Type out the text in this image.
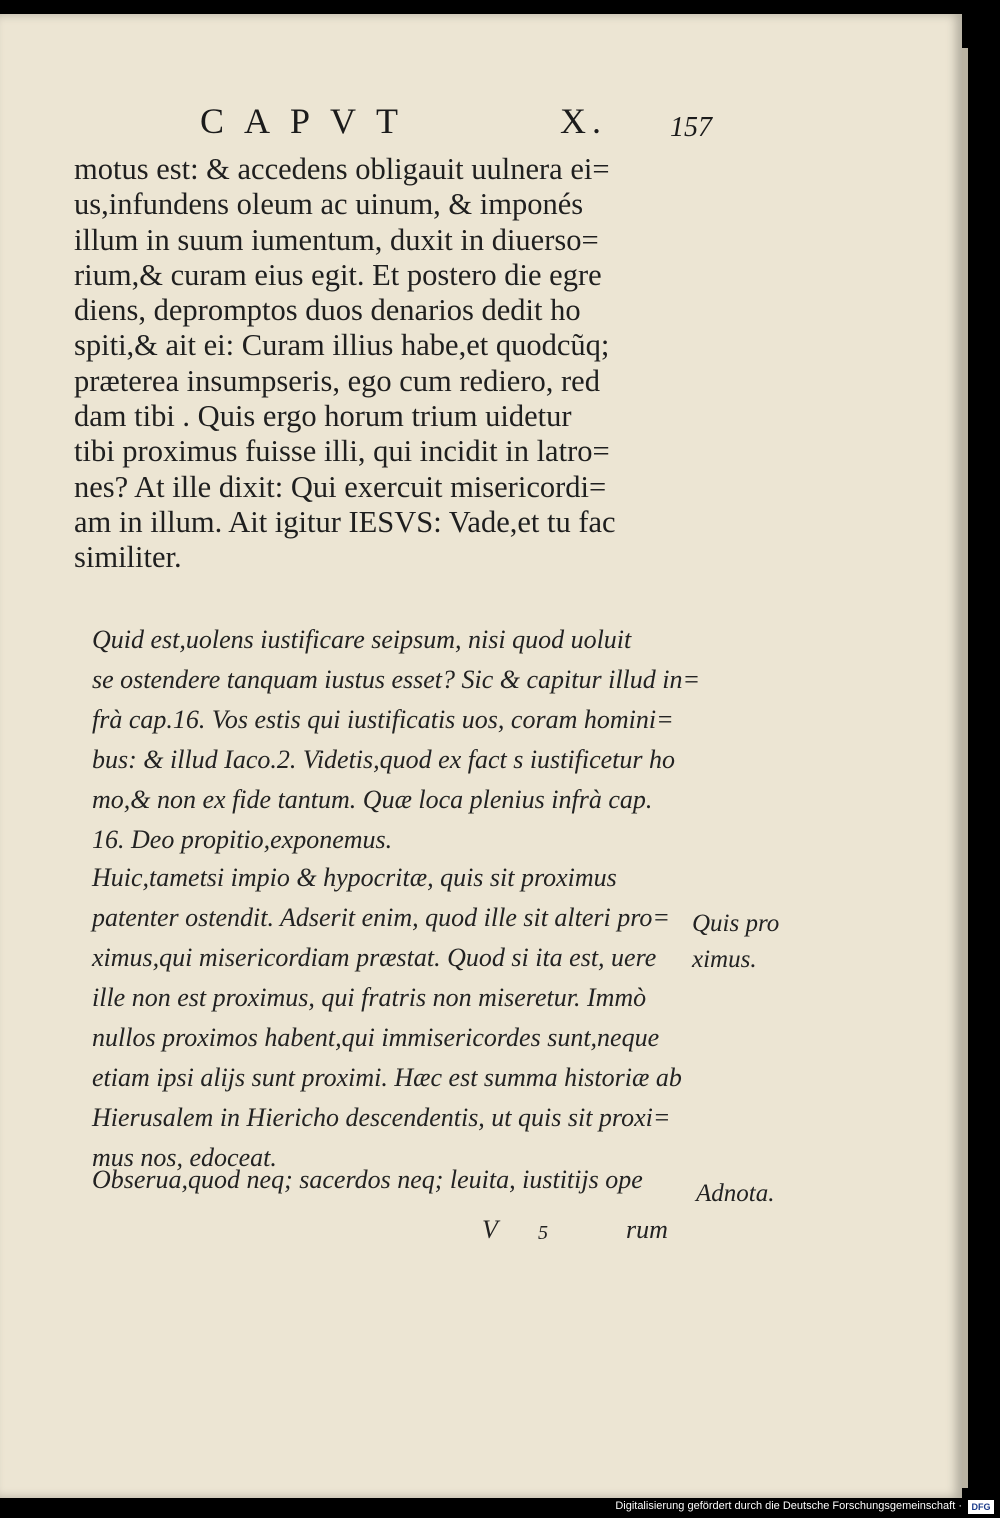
CAPVT	X. 157
motus est: & accedens obligauit uulnera ei=
us,infundens oleum ac uinum, & imponés
illum in suum iumentum, duxit in diuerso=
rium,& curam eius egit. Et postero die egre
diens, depromptos duos denarios dedit ho
spiti,& ait ei: Curam illius habe,et quodcũq;
præterea insumpseris, ego cum rediero, red
dam tibi . Quis ergo horum trium uidetur
tibi proximus fuisse illi, qui incidit in latro=
nes? At ille dixit: Qui exercuit misericordi=
am in illum. Ait igitur IESVS: Vade,et tu fac
similiter.
Quid est,uolens iustificare seipsum, nisi quod uoluit
se ostendere tanquam iustus esset? Sic & capitur illud in=
frà cap.16. Vos estis qui iustificatis uos, coram homini=
bus: & illud Iaco.2. Videtis,quod ex fact s iustificetur ho
mo,& non ex fide tantum. Quæ loca plenius infrà cap.
16. Deo propitio,exponemus.
Huic,tametsi impio & hypocritæ, quis sit proximus
patenter ostendit. Adserit enim, quod ille sit alteri pro=
ximus,qui misericordiam præstat. Quod si ita est, uere
ille non est proximus, qui fratris non miseretur. Immò
nullos proximos habent,qui immisericordes sunt,neque
etiam ipsi alijs sunt proximi. Hæc est summa historiæ ab
Hierusalem in Hiericho descendentis, ut quis sit proxi=
mus nos, edoceat.
Obserua,quod neq; sacerdos neq; leuita, iustitijs ope
Quis pro
ximus.
Adnota.
V 5	rum
Digitalisierung gefördert durch die Deutsche Forschungsgemeinschaft ·	DFG
